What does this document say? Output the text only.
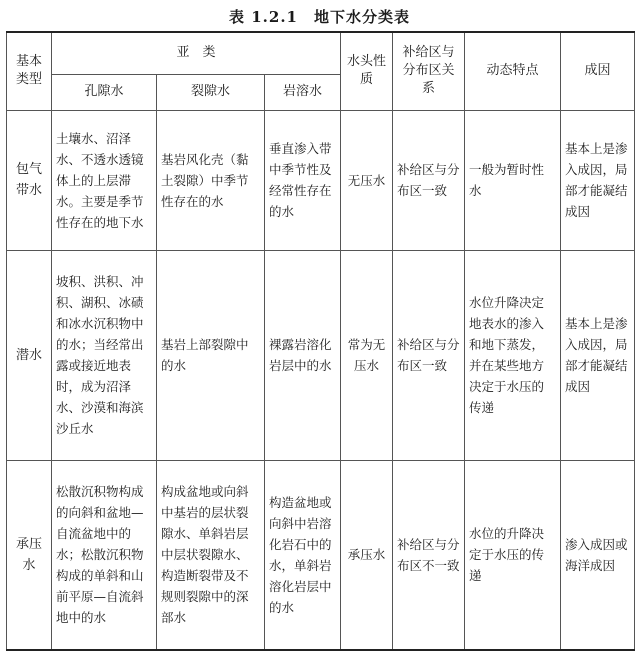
表 1.2.1　地下水分类表
基本类型	亚　类			水头性质	补给区与分布区关系	动态特点	成因
	孔隙水	裂隙水	岩溶水				
包气带水	土壤水、沼泽水、不透水透镜体上的上层滞水。主要是季节性存在的地下水	基岩风化壳（黏土裂隙）中季节性存在的水	垂直渗入带中季节性及经常性存在的水	无压水	补给区与分布区一致	一般为暂时性水	基本上是渗入成因，局部才能凝结成因
潜水	坡积、洪积、冲积、湖积、冰碛和冰水沉积物中的水；当经常出露或接近地表时，成为沼泽水、沙漠和海滨沙丘水	基岩上部裂隙中的水	裸露岩溶化岩层中的水	常为无压水	补给区与分布区一致	水位升降决定地表水的渗入和地下蒸发，并在某些地方决定于水压的传递	基本上是渗入成因，局部才能凝结成因
承压水	松散沉积物构成的向斜和盆地—自流盆地中的水；松散沉积物构成的单斜和山前平原—自流斜地中的水	构成盆地或向斜中基岩的层状裂隙水、单斜岩层中层状裂隙水、构造断裂带及不规则裂隙中的深部水	构造盆地或向斜中岩溶化岩石中的水，单斜岩溶化岩层中的水	承压水	补给区与分布区不一致	水位的升降决定于水压的传递	渗入成因或海洋成因
